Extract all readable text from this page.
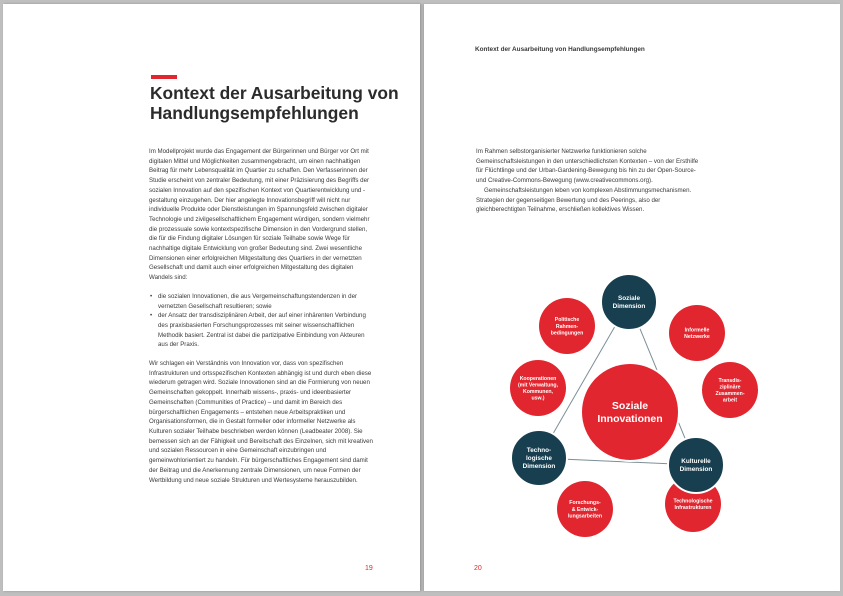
Kontext der Ausarbeitung von Handlungsempfehlungen

Im Modellprojekt wurde das Engagement der Bürgerinnen und Bürger vor Ort mit digitalen Mittel und Möglichkeiten zusammengebracht, um einen nachhaltigen Beitrag für mehr Lebensqualität im Quartier zu schaffen. Den Verfasserinnen der Studie erscheint von zentraler Bedeutung, mit einer Präzisierung des Begriffs der sozialen Innovation auf den spezifischen Kontext von Quartierentwicklung und -gestaltung einzugehen. Der hier angelegte Innovationsbegriff will nicht nur individuelle Produkte oder Dienstleistungen im Spannungsfeld zwischen digitaler Technologie und zivilgesellschaftlichem Engagement würdigen, sondern vielmehr die prozessuale sowie kontextspezifische Dimension in den Vordergrund stellen, die für die Findung digitaler Lösungen für soziale Teilhabe sowie Wege für nachhaltige digitale Entwicklung von großer Bedeutung sind. Zwei wesentliche Dimensionen einer erfolgreichen Mitgestaltung des Quartiers in der vernetzten Gesellschaft und damit auch einer erfolgreichen Mitgestaltung des digitalen Wandels sind:

• die sozialen Innovationen, die aus Vergemeinschaftungstendenzen in der vernetzten Gesellschaft resultieren; sowie
• der Ansatz der transdisziplinären Arbeit, der auf einer inhärenten Verbindung des praxisbasierten Forschungsprozesses mit seiner wissenschaftlichen Methodik basiert. Zentral ist dabei die partizipative Einbindung von Akteuren aus der Praxis.

Wir schlagen ein Verständnis von Innovation vor, dass von spezifischen Infrastrukturen und ortsspezifischen Kontexten abhängig ist und durch eben diese wiederum getragen wird. Soziale Innovationen sind an die Formierung von neuen Gemeinschaften gekoppelt. Innerhalb wissens-, praxis- und ideenbasierter Gemeinschaften (Communities of Practice) – und damit im Bereich des bürgerschaftlichen Engagements – entstehen neue Arbeitspraktiken und Organisationsformen, die in Gestalt formeller oder informeller Netzwerke als Kulturen sozialer Teilhabe beschrieben werden können (Leadbeater 2008). Sie bemessen sich an der Fähigkeit und Bereitschaft des Einzelnen, sich mit kreativen und sozialen Ressourcen in eine Gemeinschaft einzubringen und gemeinwohlorientiert zu handeln. Für bürgerschaftliches Engagement sind damit der Beitrag und die Anerkennung zentrale Dimensionen, um neue Formen der Wertbildung und neue soziale Strukturen und Wertesysteme herauszubilden.

19
Kontext der Ausarbeitung von Handlungsempfehlungen

Im Rahmen selbstorganisierter Netzwerke funktionieren solche Gemeinschaftsleistungen in den unterschiedlichsten Kontexten – von der Ersthilfe für Flüchtlinge und der Urban-Gardening-Bewegung bis hin zu der Open-Source- und Creative-Commons-Bewegung (www.creativecommons.org).

Gemeinschaftsleistungen leben von komplexen Abstimmungsmechanismen. Strategien der gegenseitigen Bewertung und des Peerings, also der gleichberechtigten Teilnahme, erschließen kollektives Wissen.

Soziale Innovationen
Politische Rahmen-bedingungen	Informelle Netzwerke
Transdis-ziplinäre Zusammen-arbeit
Technologische Infrastrukturen
Forschungs-& Entwick-lungsarbeiten
Kooperationen (mit Verwaltung, Kommunen, usw.)
Soziale Dimension
Kulturelle Dimension
Techno-logische Dimension
20
